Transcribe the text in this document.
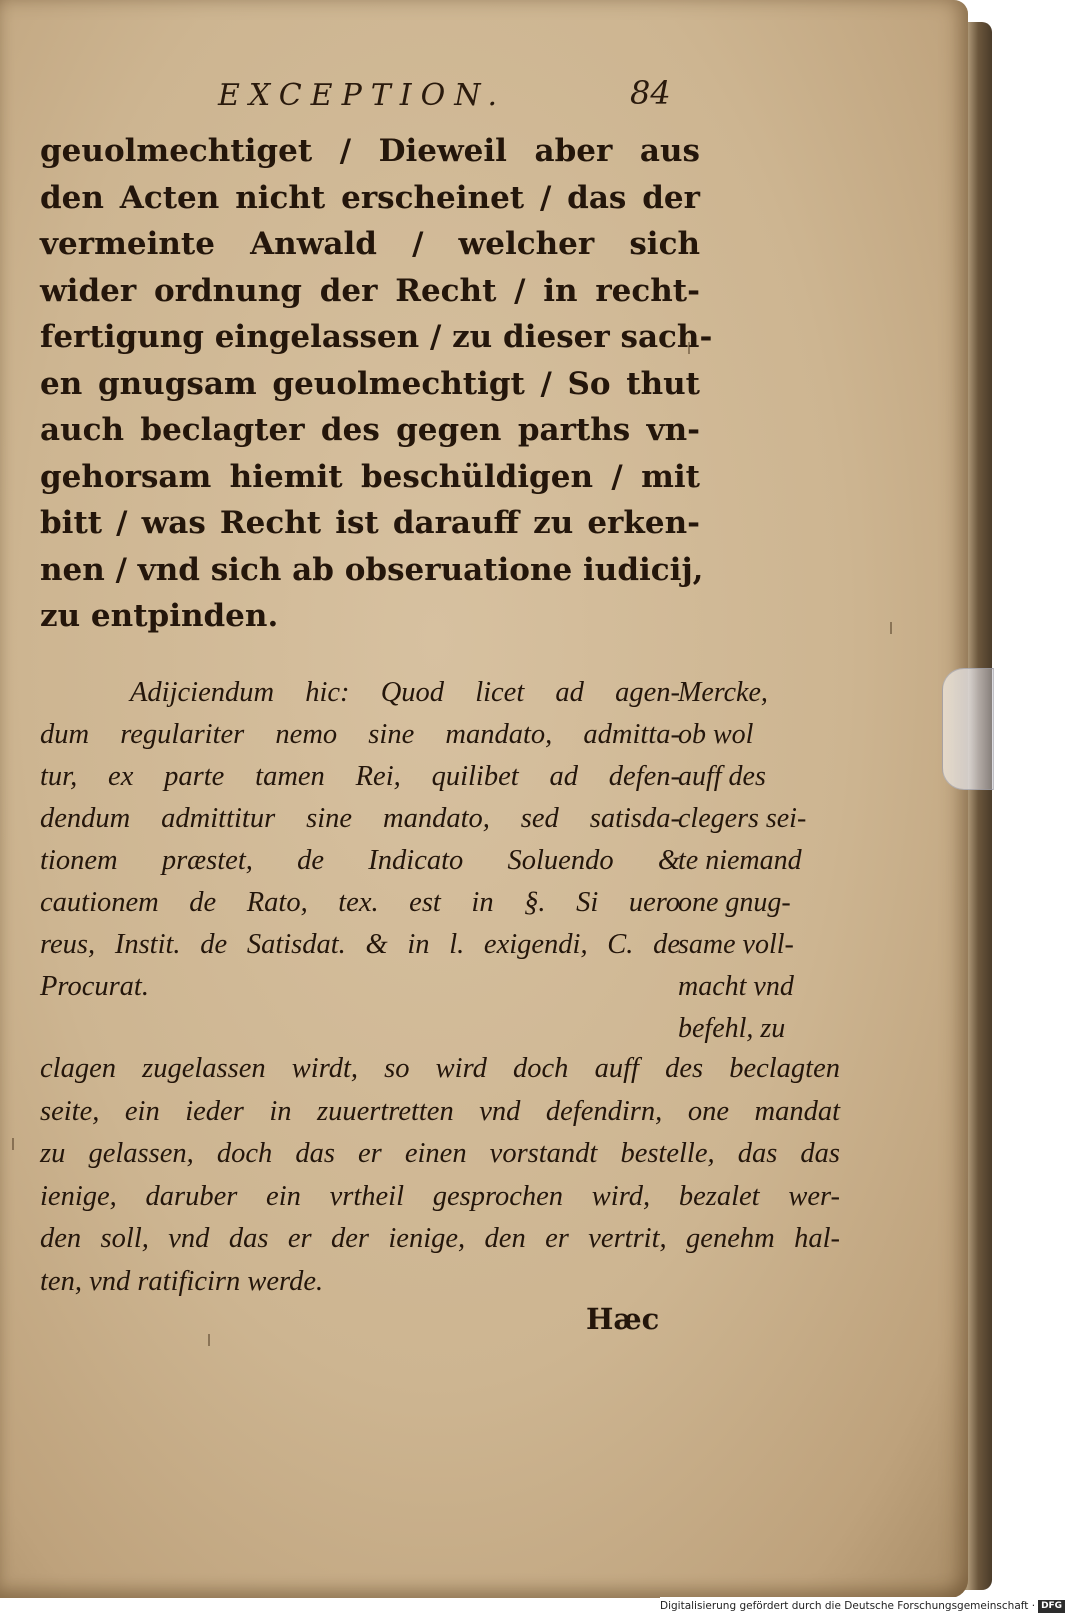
EXCEPTION.	84
geuolmechtiget / Dieweil aber aus
den Acten nicht erscheinet / das der
vermeinte Anwald / welcher sich
wider ordnung der Recht / in recht-
fertigung eingelassen / zu dieser sach-
en gnugsam geuolmechtigt / So thut
auch beclagter des gegen parths vn-
gehorsam hiemit beschüldigen / mit
bitt / was Recht ist darauff zu erken-
nen / vnd sich ab obseruatione iudicij,
zu entpinden.
Adijciendum hic: Quod licet ad agen-
dum regulariter nemo sine mandato, admitta-
tur, ex parte tamen Rei, quilibet ad defen-
dendum admittitur sine mandato, sed satisda-
tionem præstet, de Indicato Soluendo &
cautionem de Rato, tex. est in §. Si uero
reus, Instit. de Satisdat. & in l. exigendi, C. de
Procurat.
Mercke,
ob wol
auff des
clegers sei-
te niemand
one gnug-
same voll-
macht vnd
befehl, zu
clagen zugelassen wirdt, so wird doch auff des beclagten
seite, ein ieder in zuuertretten vnd defendirn, one mandat
zu gelassen, doch das er einen vorstandt bestelle, das das
ienige, daruber ein vrtheil gesprochen wird, bezalet wer-
den soll, vnd das er der ienige, den er vertrit, genehm hal-
ten, vnd ratificirn werde.
Hæc
Digitalisierung gefördert durch die Deutsche Forschungsgemeinschaft · DFG
